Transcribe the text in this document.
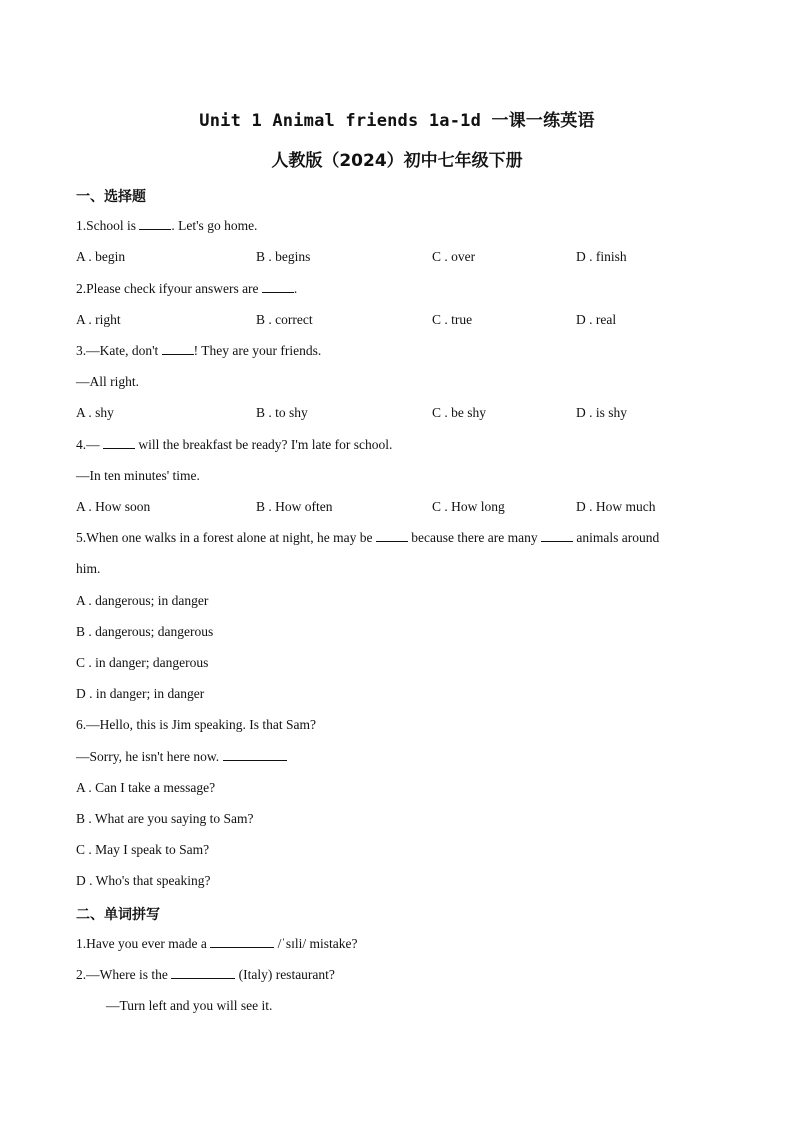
Unit 1 Animal friends 1a-1d 一课一练英语
人教版（2024）初中七年级下册
一、选择题
1.School is . Let's go home.
A . begin	B . begins	C . over	D . finish
2.Please check ifyour answers are .
A . right	B . correct	C . true	D . real
3.—Kate, don't ! They are your friends.
—All right.
A . shy	B . to shy	C . be shy	D . is shy
4.—  will the breakfast be ready? I'm late for school.
—In ten minutes' time.
A . How soon	B . How often	C . How long	D . How much
5.When one walks in a forest alone at night, he may be  because there are many  animals around
him.
A . dangerous; in danger
B . dangerous; dangerous
C . in danger; dangerous
D . in danger; in danger
6.—Hello, this is Jim speaking. Is that Sam?
—Sorry, he isn't here now.
A . Can I take a message?
B . What are you saying to Sam?
C . May I speak to Sam?
D . Who's that speaking?
二、单词拼写
1.Have you ever made a	/ˈsɪli/ mistake?
2.—Where is the	(Italy) restaurant?
—Turn left and you will see it.
